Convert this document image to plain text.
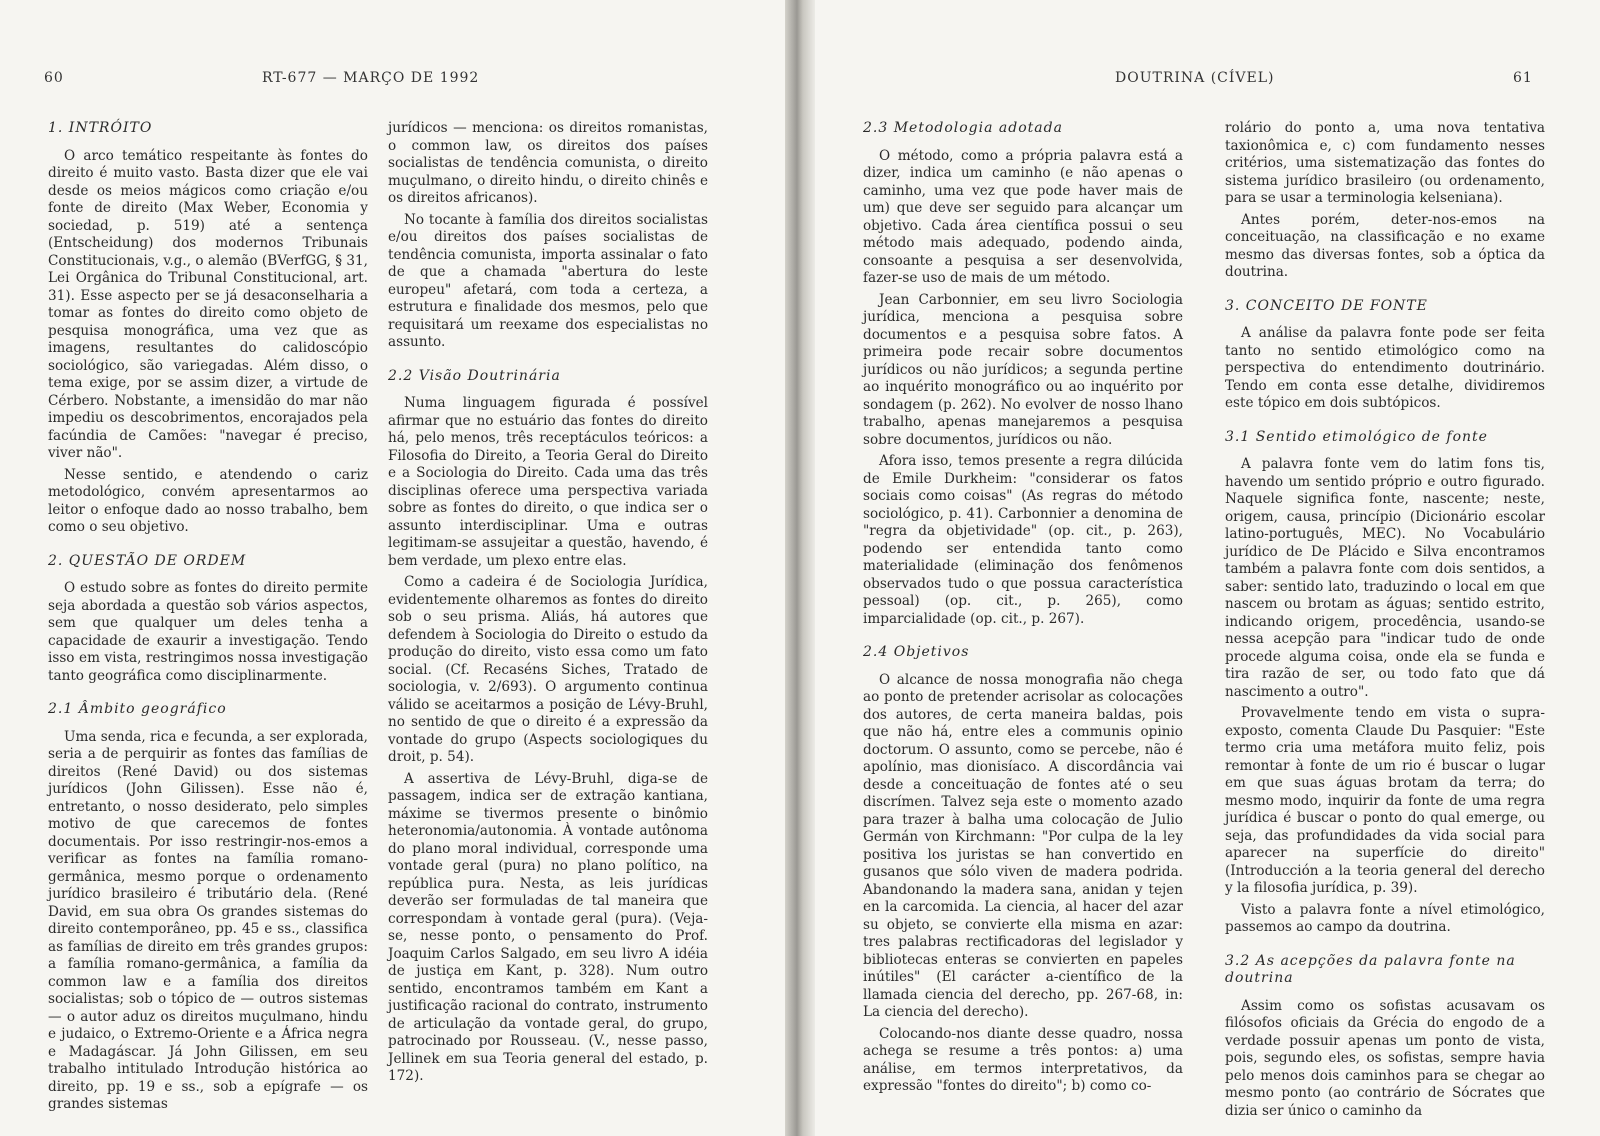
60	RT-677 — MARÇO DE 1992
1. INTRÓITO

O arco temático respeitante às fontes do direito é muito vasto. Basta dizer que ele vai desde os meios mágicos como criação e/ou fonte de direito (Max Weber, Economia y sociedad, p. 519) até a sentença (Entscheidung) dos modernos Tribunais Constitucionais, v.g., o alemão (BVerfGG, § 31, Lei Orgânica do Tribunal Constitucional, art. 31). Esse aspecto per se já desaconselharia a tomar as fontes do direito como objeto de pesquisa monográfica, uma vez que as imagens, resultantes do calidoscópio sociológico, são variegadas. Além disso, o tema exige, por se assim dizer, a virtude de Cérbero. Nobstante, a imensidão do mar não impediu os descobrimentos, encorajados pela facúndia de Camões: "navegar é preciso, viver não".

Nesse sentido, e atendendo o cariz metodológico, convém apresentarmos ao leitor o enfoque dado ao nosso trabalho, bem como o seu objetivo.

2. QUESTÃO DE ORDEM

O estudo sobre as fontes do direito permite seja abordada a questão sob vários aspectos, sem que qualquer um deles tenha a capacidade de exaurir a investigação. Tendo isso em vista, restringimos nossa investigação tanto geográfica como disciplinarmente.

2.1 Âmbito geográfico

Uma senda, rica e fecunda, a ser explorada, seria a de perquirir as fontes das famílias de direitos (René David) ou dos sistemas jurídicos (John Gilissen). Esse não é, entretanto, o nosso desiderato, pelo simples motivo de que carecemos de fontes documentais. Por isso restringir-nos-emos a verificar as fontes na família romano-germânica, mesmo porque o ordenamento jurídico brasileiro é tributário dela. (René David, em sua obra Os grandes sistemas do direito contemporâneo, pp. 45 e ss., classifica as famílias de direito em três grandes grupos: a família romano-germânica, a família da common law e a família dos direitos socialistas; sob o tópico de — outros sistemas — o autor aduz os direitos muçulmano, hindu e judaico, o Extremo-Oriente e a África negra e Madagáscar. Já John Gilissen, em seu trabalho intitulado Introdução histórica ao direito, pp. 19 e ss., sob a epígrafe — os grandes sistemas

jurídicos — menciona: os direitos romanistas, o common law, os direitos dos países socialistas de tendência comunista, o direito muçulmano, o direito hindu, o direito chinês e os direitos africanos).

No tocante à família dos direitos socialistas e/ou direitos dos países socialistas de tendência comunista, importa assinalar o fato de que a chamada "abertura do leste europeu" afetará, com toda a certeza, a estrutura e finalidade dos mesmos, pelo que requisitará um reexame dos especialistas no assunto.

2.2 Visão Doutrinária

Numa linguagem figurada é possível afirmar que no estuário das fontes do direito há, pelo menos, três receptáculos teóricos: a Filosofia do Direito, a Teoria Geral do Direito e a Sociologia do Direito. Cada uma das três disciplinas oferece uma perspectiva variada sobre as fontes do direito, o que indica ser o assunto interdisciplinar. Uma e outras legitimam-se assujeitar a questão, havendo, é bem verdade, um plexo entre elas.

Como a cadeira é de Sociologia Jurídica, evidentemente olharemos as fontes do direito sob o seu prisma. Aliás, há autores que defendem à Sociologia do Direito o estudo da produção do direito, visto essa como um fato social. (Cf. Recaséns Siches, Tratado de sociologia, v. 2/693). O argumento continua válido se aceitarmos a posição de Lévy-Bruhl, no sentido de que o direito é a expressão da vontade do grupo (Aspects sociologiques du droit, p. 54).

A assertiva de Lévy-Bruhl, diga-se de passagem, indica ser de extração kantiana, máxime se tivermos presente o binômio heteronomia/autonomia. À vontade autônoma do plano moral individual, corresponde uma vontade geral (pura) no plano político, na república pura. Nesta, as leis jurídicas deverão ser formuladas de tal maneira que correspondam à vontade geral (pura). (Veja-se, nesse ponto, o pensamento do Prof. Joaquim Carlos Salgado, em seu livro A idéia de justiça em Kant, p. 328). Num outro sentido, encontramos também em Kant a justificação racional do contrato, instrumento de articulação da vontade geral, do grupo, patrocinado por Rousseau. (V., nesse passo, Jellinek em sua Teoria general del estado, p. 172).

DOUTRINA (CÍVEL)	61
2.3 Metodologia adotada

O método, como a própria palavra está a dizer, indica um caminho (e não apenas o caminho, uma vez que pode haver mais de um) que deve ser seguido para alcançar um objetivo. Cada área científica possui o seu método mais adequado, podendo ainda, consoante a pesquisa a ser desenvolvida, fazer-se uso de mais de um método.

Jean Carbonnier, em seu livro Sociologia jurídica, menciona a pesquisa sobre documentos e a pesquisa sobre fatos. A primeira pode recair sobre documentos jurídicos ou não jurídicos; a segunda pertine ao inquérito monográfico ou ao inquérito por sondagem (p. 262). No evolver de nosso lhano trabalho, apenas manejaremos a pesquisa sobre documentos, jurídicos ou não.

Afora isso, temos presente a regra dilúcida de Emile Durkheim: "considerar os fatos sociais como coisas" (As regras do método sociológico, p. 41). Carbonnier a denomina de "regra da objetividade" (op. cit., p. 263), podendo ser entendida tanto como materialidade (eliminação dos fenômenos observados tudo o que possua característica pessoal) (op. cit., p. 265), como imparcialidade (op. cit., p. 267).

2.4 Objetivos

O alcance de nossa monografia não chega ao ponto de pretender acrisolar as colocações dos autores, de certa maneira baldas, pois que não há, entre eles a communis opinio doctorum. O assunto, como se percebe, não é apolínio, mas dionisíaco. A discordância vai desde a conceituação de fontes até o seu discrímen. Talvez seja este o momento azado para trazer à balha uma colocação de Julio Germán von Kirchmann: "Por culpa de la ley positiva los juristas se han convertido en gusanos que sólo viven de madera podrida. Abandonando la madera sana, anidan y tejen en la carcomida. La ciencia, al hacer del azar su objeto, se convierte ella misma en azar: tres palabras rectificadoras del legislador y bibliotecas enteras se convierten en papeles inútiles" (El carácter a-científico de la llamada ciencia del derecho, pp. 267-68, in: La ciencia del derecho).

Colocando-nos diante desse quadro, nossa achega se resume a três pontos: a) uma análise, em termos interpretativos, da expressão "fontes do direito"; b) como co-

rolário do ponto a, uma nova tentativa taxionômica e, c) com fundamento nesses critérios, uma sistematização das fontes do sistema jurídico brasileiro (ou ordenamento, para se usar a terminologia kelseniana).

Antes porém, deter-nos-emos na conceituação, na classificação e no exame mesmo das diversas fontes, sob a óptica da doutrina.

3. CONCEITO DE FONTE

A análise da palavra fonte pode ser feita tanto no sentido etimológico como na perspectiva do entendimento doutrinário. Tendo em conta esse detalhe, dividiremos este tópico em dois subtópicos.

3.1 Sentido etimológico de fonte

A palavra fonte vem do latim fons tis, havendo um sentido próprio e outro figurado. Naquele significa fonte, nascente; neste, origem, causa, princípio (Dicionário escolar latino-português, MEC). No Vocabulário jurídico de De Plácido e Silva encontramos também a palavra fonte com dois sentidos, a saber: sentido lato, traduzindo o local em que nascem ou brotam as águas; sentido estrito, indicando origem, procedência, usando-se nessa acepção para "indicar tudo de onde procede alguma coisa, onde ela se funda e tira razão de ser, ou todo fato que dá nascimento a outro".

Provavelmente tendo em vista o supra-exposto, comenta Claude Du Pasquier: "Este termo cria uma metáfora muito feliz, pois remontar à fonte de um rio é buscar o lugar em que suas águas brotam da terra; do mesmo modo, inquirir da fonte de uma regra jurídica é buscar o ponto do qual emerge, ou seja, das profundidades da vida social para aparecer na superfície do direito" (Introducción a la teoria general del derecho y la filosofia jurídica, p. 39).

Visto a palavra fonte a nível etimológico, passemos ao campo da doutrina.

3.2 As acepções da palavra fonte na doutrina

Assim como os sofistas acusavam os filósofos oficiais da Grécia do engodo de a verdade possuir apenas um ponto de vista, pois, segundo eles, os sofistas, sempre havia pelo menos dois caminhos para se chegar ao mesmo ponto (ao contrário de Sócrates que dizia ser único o caminho da
